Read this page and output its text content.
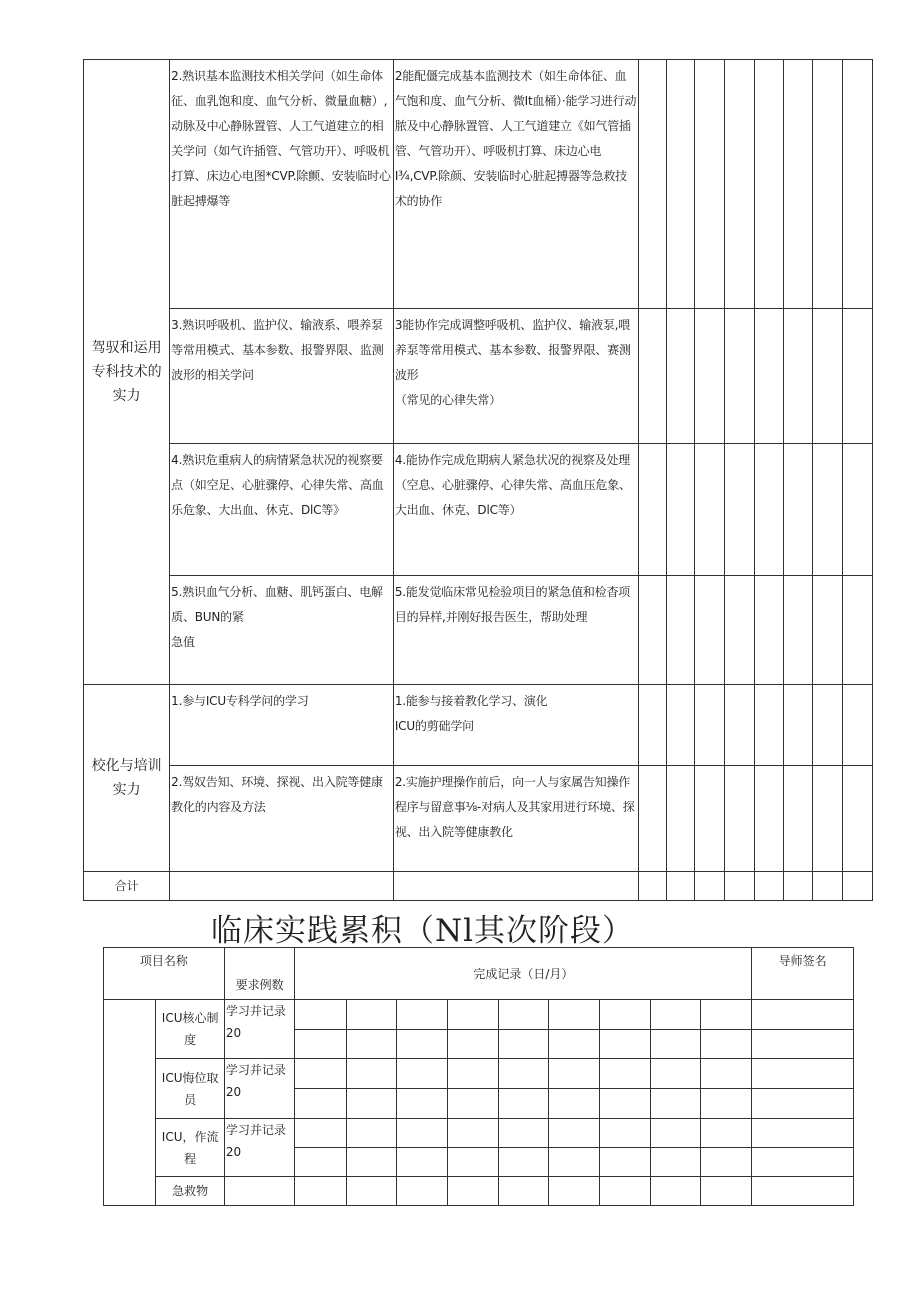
驾驭和运用专科技术的实力	2.熟识基本监测技术相关学问（如生命体征、血乳饱和度、血气分析、微量血糖）,动脉及中心静脉置管、人工气道建立的相关学问（如气许插管、气管功开）、呼吸机打算、床边心电图*CVP.除颤、安装临时心脏起搏爆等	2能配僵完成基本监测技术（如生命体征、血气饱和度、血气分析、微It血桶）·能学习进行动脓及中心静脉置管、人工气道建立《如气管插管、气管功开）、呼吸机打算、床边心电I¾,CVP.除颜、安装临时心脏起搏器等急救技术的协作								
	3.熟识呼吸机、监护仪、输液系、喂养泵等常用模式、基本参数、报警界限、监测波形的相关学问	3能协作完成调整呼吸机、监护仪、输液泵,喂养泵等常用模式、基本参数、报警界限、赛测波形
（常见的心律失常）								
	4.熟识危重病人的病情紧急状况的视察要点（如空足、心脏骤停、心律失常、高血乐危象、大出血、休克、DlC等》	4.能协作完成危期病人紧急状况的视察及处理（空息、心脏骤停、心律失常、高血压危象、大出血、休克、DlC等）								
	5.熟识血气分析、血糖、肌钙蛋白、电解质、BUN的紧
急值	5.能发觉临床常见检验项目的紧急值和检杳项目的异样,并刚好报告医生，帮助处理								
校化与培训实力	1.参与ICU专科学问的学习	1.能参与接着教化学习、演化
ICU的剪础学问								
	2.驾奴告知、环境、探视、出入院等健康教化的内容及方法	2.实施护理操作前后，向一人与家属告知操作程序与留意事⅛-对病人及其家用迸行环境、探视、出入院等健康教化								
合计										
临床实践累积（Nl其次阶段）
项目名称		要求例数	完成记录（日/月）									导师签名
	ICU核心制度	学习并记录20										

	ICU悔位取员	学习并记录20										

	ICU，作流程	学习并记录20										

	急救物											
